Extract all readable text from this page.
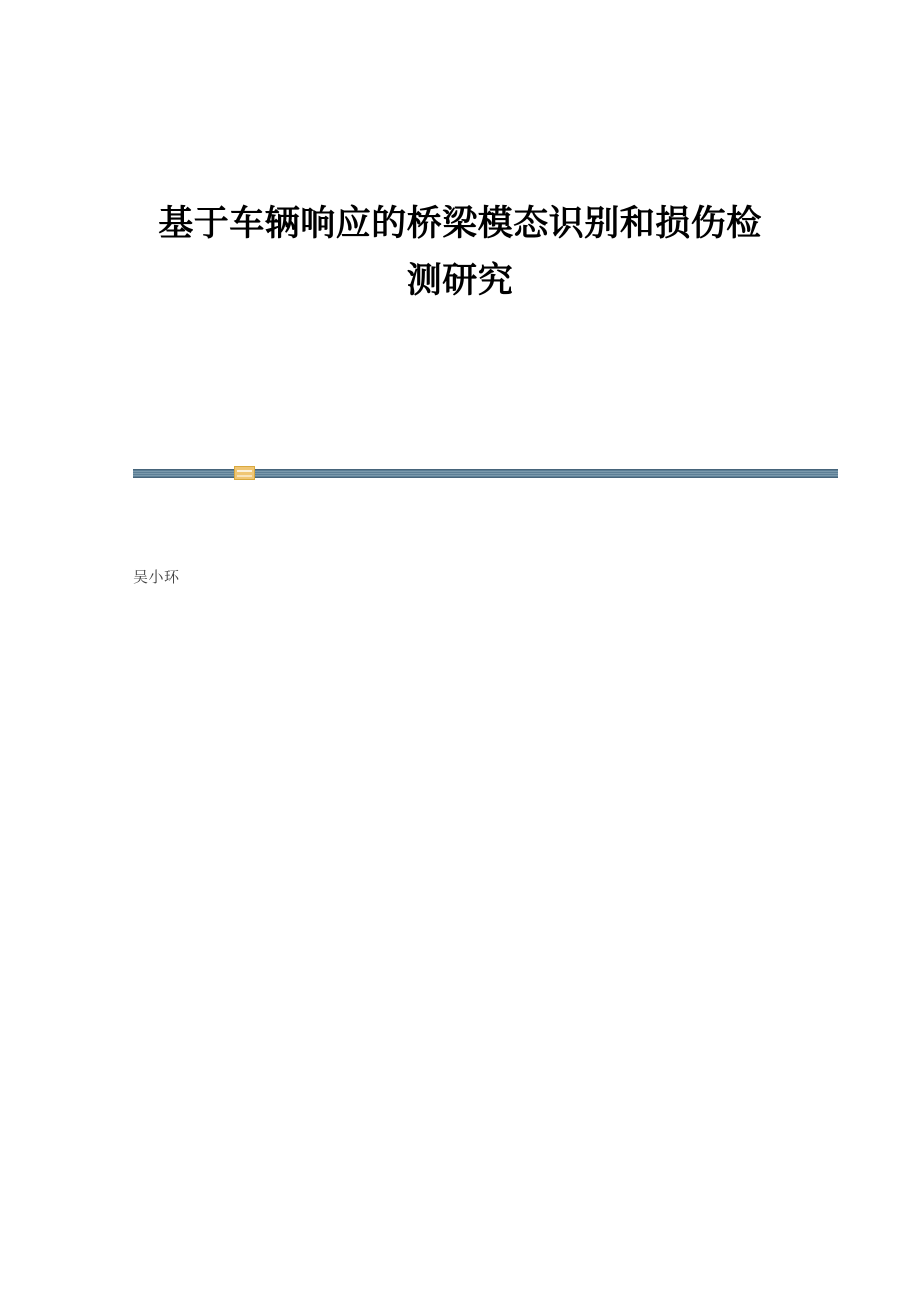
基于车辆响应的桥梁模态识别和损伤检
测研究
吴小环
